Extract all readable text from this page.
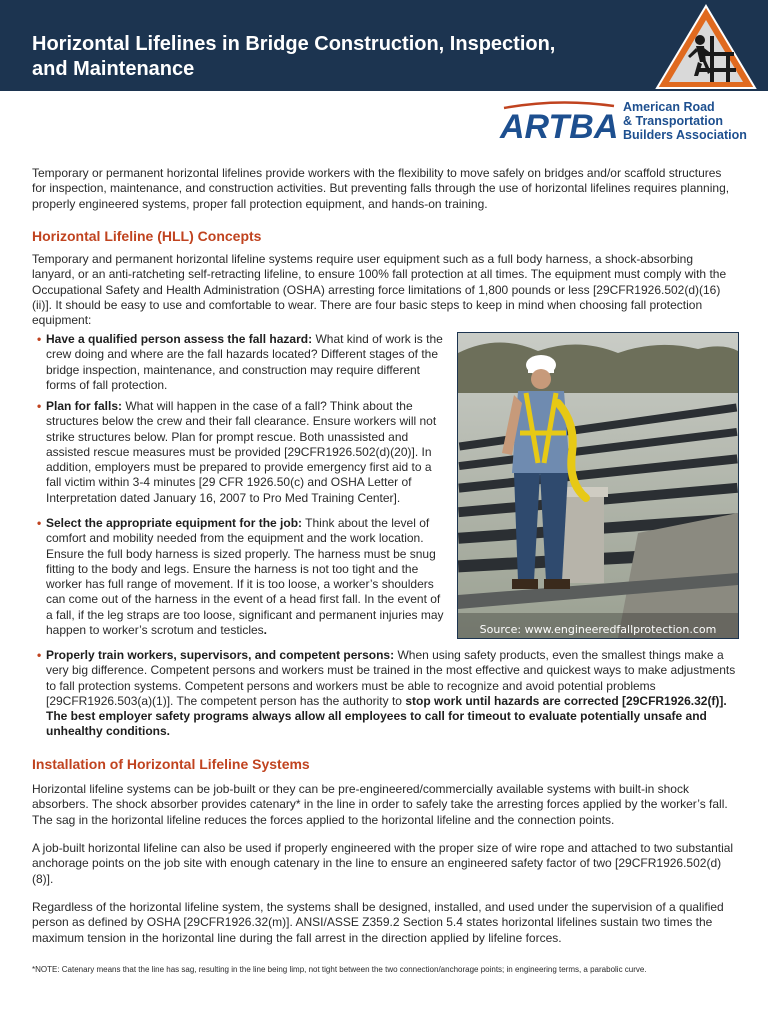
Horizontal Lifelines in Bridge Construction, Inspection,
and Maintenance
ARTBA
American Road
& Transportation
Builders Association

Temporary or permanent horizontal lifelines provide workers with the flexibility to move safely on bridges and/or scaffold structures for inspection, maintenance, and construction activities. But preventing falls through the use of horizontal lifelines requires planning, properly engineered systems, proper fall protection equipment, and hands-on training.

Horizontal Lifeline (HLL) Concepts

Temporary and permanent horizontal lifeline systems require user equipment such as a full body harness, a shock-absorbing lanyard, or an anti-ratcheting self-retracting lifeline, to ensure 100% fall protection at all times. The equipment must comply with the Occupational Safety and Health Administration (OSHA) arresting force limitations of 1,800 pounds or less [29CFR1926.502(d)(16)(ii)]. It should be easy to use and comfortable to wear. There are four basic steps to keep in mind when choosing fall protection equipment:

• Have a qualified person assess the fall hazard: What kind of work is the crew doing and where are the fall hazards located? Different stages of the bridge inspection, maintenance, and construction may require different forms of fall protection.
• Plan for falls: What will happen in the case of a fall? Think about the structures below the crew and their fall clearance. Ensure workers will not strike structures below. Plan for prompt rescue. Both unassisted and assisted rescue measures must be provided [29CFR1926.502(d)(20)]. In addition, employers must be prepared to provide emergency first aid to a fall victim within 3-4 minutes [29 CFR 1926.50(c) and OSHA Letter of Interpretation dated January 16, 2007 to Pro Med Training Center].
• Select the appropriate equipment for the job: Think about the level of comfort and mobility needed from the equipment and the work location. Ensure the full body harness is sized properly. The harness must be snug fitting to the body and legs. Ensure the harness is not too tight and the worker has full range of movement. If it is too loose, a worker’s shoulders can come out of the harness in the event of a head first fall. In the event of a fall, if the leg straps are too loose, significant and permanent injuries may happen to worker’s scrotum and testicles.
• Properly train workers, supervisors, and competent persons: When using safety products, even the smallest things make a very big difference. Competent persons and workers must be trained in the most effective and quickest ways to make adjustments to fall protection systems. Competent persons and workers must be able to recognize and avoid potential problems [29CFR1926.503(a)(1)]. The competent person has the authority to stop work until hazards are corrected [29CFR1926.32(f)]. The best employer safety programs always allow all employees to call for timeout to evaluate potentially unsafe and unhealthy conditions.
Source: www.engineeredfallprotection.com
Installation of Horizontal Lifeline Systems

Horizontal lifeline systems can be job-built or they can be pre-engineered/commercially available systems with built-in shock absorbers. The shock absorber provides catenary* in the line in order to safely take the arresting forces applied by the worker’s fall. The sag in the horizontal lifeline reduces the forces applied to the horizontal lifeline and the connection points.

A job-built horizontal lifeline can also be used if properly engineered with the proper size of wire rope and attached to two substantial anchorage points on the job site with enough catenary in the line to ensure an engineered safety factor of two [29CFR1926.502(d)(8)].

Regardless of the horizontal lifeline system, the systems shall be designed, installed, and used under the supervision of a qualified person as defined by OSHA [29CFR1926.32(m)]. ANSI/ASSE Z359.2 Section 5.4 states horizontal lifelines sustain two times the maximum tension in the horizontal line during the fall arrest in the direction applied by lifeline forces.

*NOTE: Catenary means that the line has sag, resulting in the line being limp, not tight between the two connection/anchorage points; in engineering terms, a parabolic curve.
